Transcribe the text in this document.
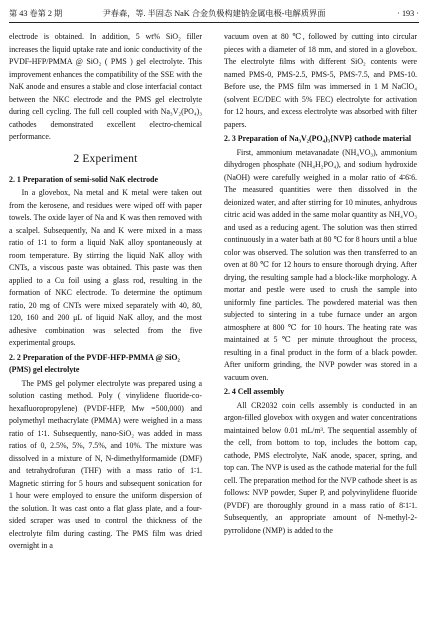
第 43 卷第 2 期	尹春森，等. 半固态 NaK 合金负极构建钠金属电极-电解质界面	· 193 ·

electrode is obtained. In addition, 5 wt% SiO₂ filler increases the liquid uptake rate and ionic conductivity of the PVDF-HFP/PMMA @ SiO₂ ( PMS ) gel electrolyte. This improvement enhances the compatibility of the SSE with the NaK anode and ensures a stable and close interfacial contact between the NKC electrode and the PMS gel electrolyte during cell cycling. The full cell coupled with Na₃V₂(PO₄)₃ cathodes demonstrated excellent electro-chemical performance.

2 Experiment
2. 1 Preparation of semi-solid NaK electrode

In a glovebox, Na metal and K metal were taken out from the kerosene, and residues were wiped off with paper towels. The oxide layer of Na and K was then removed with a scalpel. Subsequently, Na and K were mixed in a mass ratio of 1∶1 to form a liquid NaK alloy spontaneously at room temperature. By stirring the liquid NaK alloy with CNTs, a viscous paste was obtained. This paste was then applied to a Cu foil using a glass rod, resulting in the formation of NKC electrode. To determine the optimum ratio, 20 mg of CNTs were mixed separately with 40, 80, 120, 160 and 200 μL of liquid NaK alloy, and the most adhesive combination was selected from the five experimental groups.

2. 2 Preparation of the PVDF-HFP-PMMA @ SiO₂ (PMS) gel electrolyte

The PMS gel polymer electrolyte was prepared using a solution casting method. Poly ( vinylidene fluoride-co-hexafluoropropylene) (PVDF-HFP, Mw =500,000) and polymethyl methacrylate (PMMA) were weighed in a mass ratio of 1∶1. Subsequently, nano-SiO₂ was added in mass ratios of 0, 2.5%, 5%, 7.5%, and 10%. The mixture was dissolved in a mixture of N, N-dimethylformamide (DMF) and tetrahydrofuran (THF) with a mass ratio of 1∶1. Magnetic stirring for 5 hours and subsequent sonication for 1 hour were employed to ensure the uniform dispersion of the solution. It was cast onto a flat glass plate, and a four-sided scraper was used to control the thickness of the electrolyte film during casting. The PMS film was dried overnight in a

vacuum oven at 80 ℃, followed by cutting into circular pieces with a diameter of 18 mm, and stored in a glovebox. The electrolyte films with different SiO₂ contents were named PMS-0, PMS-2.5, PMS-5, PMS-7.5, and PMS-10. Before use, the PMS film was immersed in 1 M NaClO₄ (solvent EC/DEC with 5% FEC) electrolyte for activation for 12 hours, and excess electrolyte was absorbed with filter papers.

2. 3 Preparation of Na₃V₂(PO₄)₃{NVP} cathode material

First, ammonium metavanadate (NH₄VO₃), ammonium dihydrogen phosphate (NH₄H₂PO₄), and sodium hydroxide (NaOH) were carefully weighed in a molar ratio of 4∶6∶6. The measured quantities were then dissolved in the deionized water, and after stirring for 10 minutes, anhydrous citric acid was added in the same molar quantity as NH₄VO₃ and used as a reducing agent. The solution was then stirred continuously in a water bath at 80 ℃ for 8 hours until a blue color was observed. The solution was then transferred to an oven at 80 ℃ for 12 hours to ensure thorough drying. After drying, the resulting sample had a block-like morphology. A mortar and pestle were used to crush the sample into uniformly fine particles. The powdered material was then subjected to sintering in a tube furnace under an argon atmosphere at 800 ℃ for 10 hours. The heating rate was maintained at 5 ℃ per minute throughout the process, resulting in a final product in the form of a black powder. After uniform grinding, the NVP powder was stored in a vacuum oven.

2. 4 Cell assembly

All CR2032 coin cells assembly is conducted in an argon-filled glovebox with oxygen and water concentrations maintained below 0.01 mL/m³. The sequential assembly of the cell, from bottom to top, includes the bottom cap, cathode, PMS electrolyte, NaK anode, spacer, spring, and top can. The NVP is used as the cathode material for the full cell. The preparation method for the NVP cathode sheet is as follows: NVP powder, Super P, and polyvinylidene fluoride (PVDF) are thoroughly ground in a mass ratio of 8∶1∶1. Subsequently, an appropriate amount of N-methyl-2-pyrrolidone (NMP) is added to the
